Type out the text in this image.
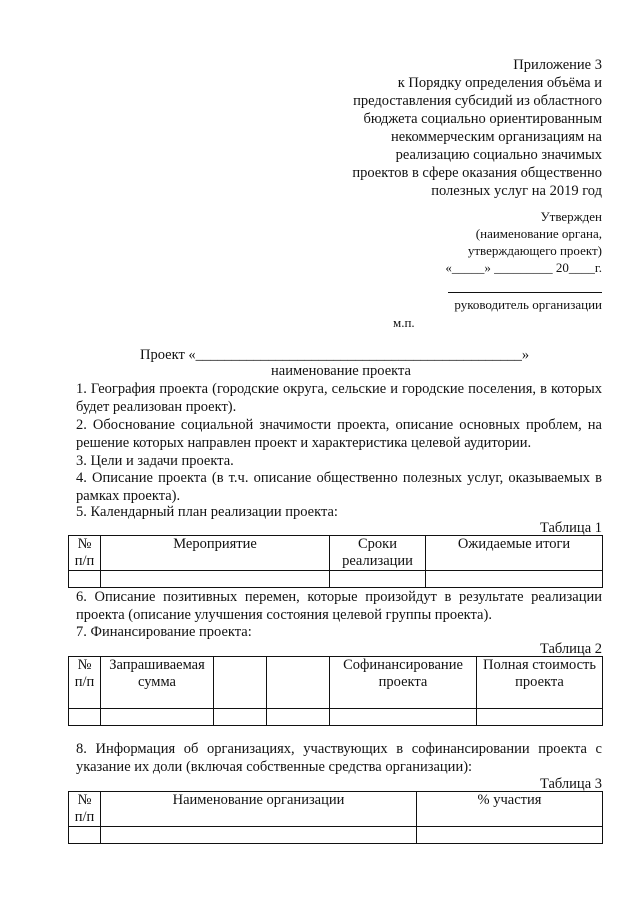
Приложение 3
к Порядку определения объёма и
предоставления субсидий из областного
бюджета социально ориентированным
некоммерческим организациям на
реализацию социально значимых
проектов в сфере оказания общественно
полезных услуг на 2019 год
Утвержден
(наименование органа,
утверждающего проект)
«_____» _________ 20____г.
руководитель организации
м.п.
Проект «_____________________________________________»
наименование проекта
1. География проекта (городские округа, сельские и городские поселения, в которых будет реализован проект).
2. Обоснование социальной значимости проекта, описание основных проблем, на решение которых направлен проект и характеристика целевой аудитории.
3. Цели и задачи проекта.
4. Описание проекта (в т.ч. описание общественно полезных услуг, оказываемых в рамках проекта).
5. Календарный план реализации проекта:
Таблица 1
№ п/п	Мероприятие	Сроки реализации	Ожидаемые итоги

6. Описание позитивных перемен, которые произойдут в результате реализации проекта (описание улучшения состояния целевой группы проекта).
7. Финансирование проекта:
Таблица 2
№ п/п	Запрашиваемая сумма			Софинансирование проекта	Полная стоимость проекта

8. Информация об организациях, участвующих в софинансировании проекта с указание их доли (включая собственные средства организации):
Таблица 3
№ п/п	Наименование организации	% участия
